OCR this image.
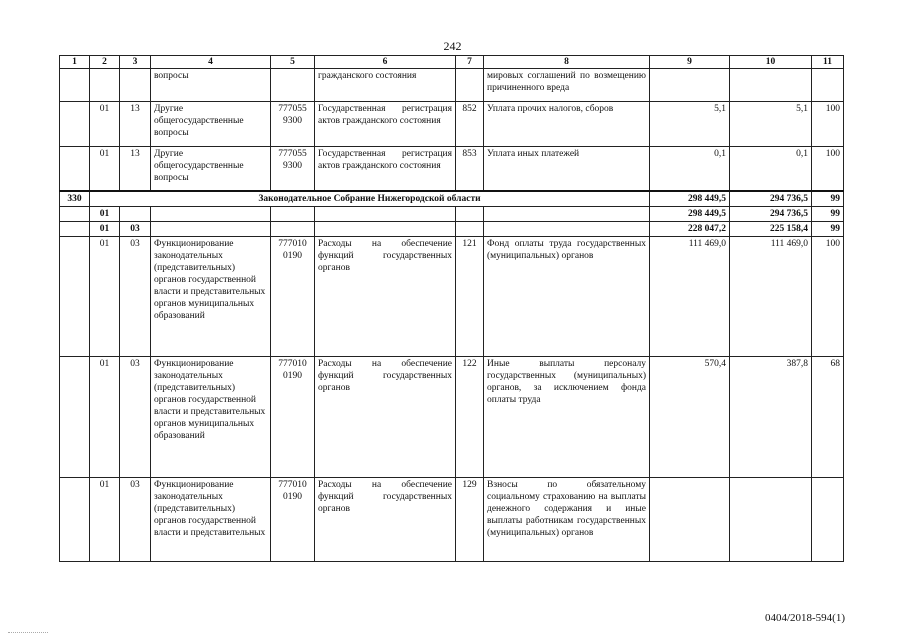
242
1	2	3	4	5	6	7	8	9	10	11
			вопросы		гражданского состояния		мировых соглашений по возмещению причиненного вреда			
	01	13	Другие общегосударственные вопросы	777055 9300	Государственная регистрация актов гражданского состояния	852	Уплата прочих налогов, сборов	5,1	5,1	100
	01	13	Другие общегосударственные вопросы	777055 9300	Государственная регистрация актов гражданского состояния	853	Уплата иных платежей	0,1	0,1	100
330	Законодательное Собрание Нижегородской области							298 449,5	294 736,5	99
	01							298 449,5	294 736,5	99
	01	03						228 047,2	225 158,4	99
	01	03	Функционирование законодательных (представительных) органов государственной власти и представительных органов муниципальных образований	777010 0190	Расходы на обеспечение функций государственных органов	121	Фонд оплаты труда государственных (муниципальных) органов	111 469,0	111 469,0	100
	01	03	Функционирование законодательных (представительных) органов государственной власти и представительных органов муниципальных образований	777010 0190	Расходы на обеспечение функций государственных органов	122	Иные выплаты персоналу государственных (муниципальных) органов, за исключением фонда оплаты труда	570,4	387,8	68
	01	03	Функционирование законодательных (представительных) органов государственной власти и представительных	777010 0190	Расходы на обеспечение функций государственных органов	129	Взносы по обязательному социальному страхованию на выплаты денежного содержания и иные выплаты работникам государственных (муниципальных) органов			
0404/2018-594(1)
